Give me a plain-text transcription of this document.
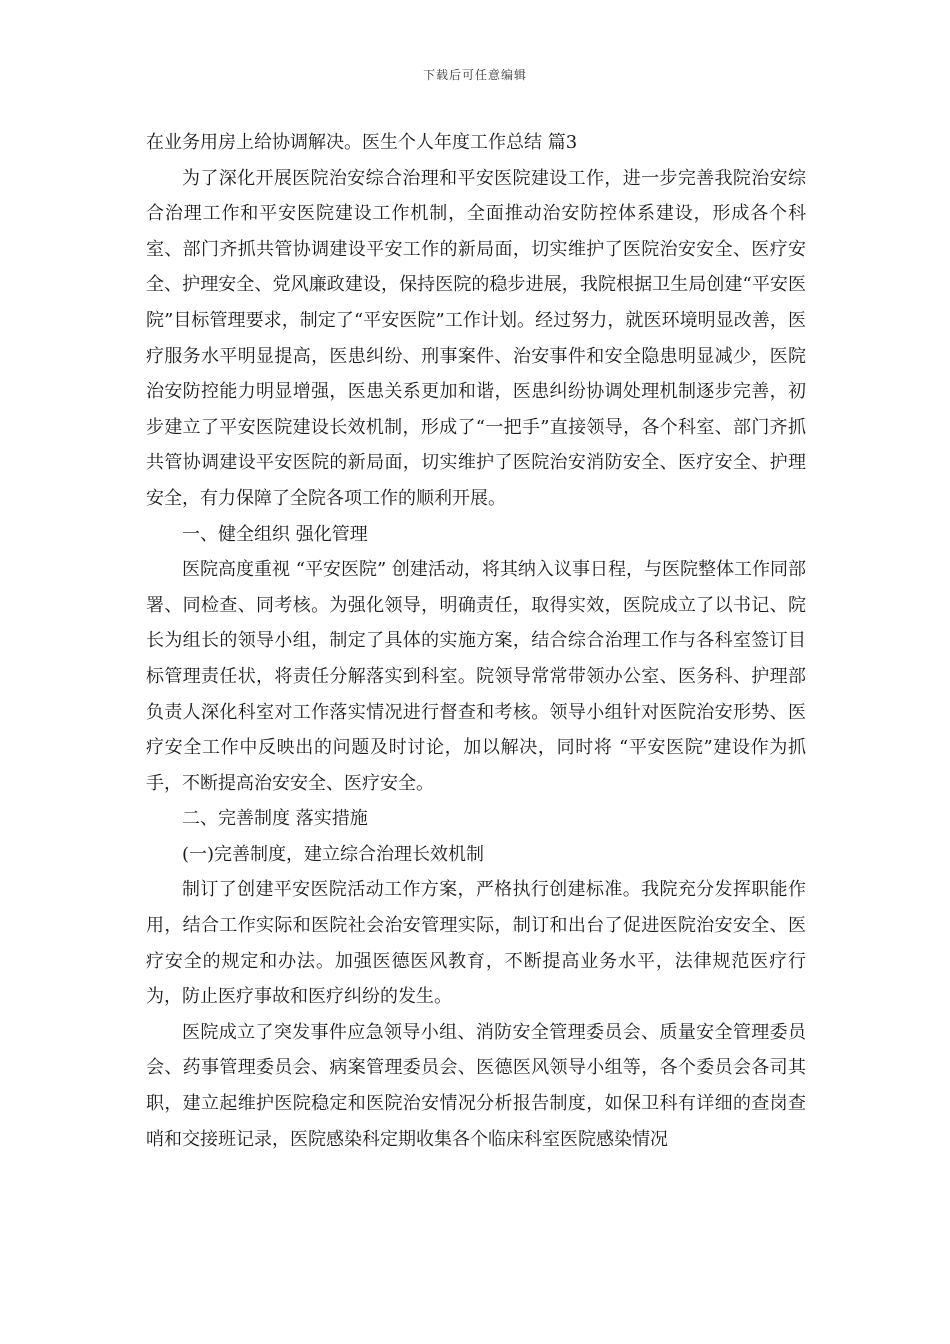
下载后可任意编辑

在业务用房上给协调解决。医生个人年度工作总结 篇3

为了深化开展医院治安综合治理和平安医院建设工作，进一步完善我院治安综合治理工作和平安医院建设工作机制，全面推动治安防控体系建设，形成各个科室、部门齐抓共管协调建设平安工作的新局面，切实维护了医院治安安全、医疗安全、护理安全、党风廉政建设，保持医院的稳步进展，我院根据卫生局创建“平安医院”目标管理要求，制定了“平安医院”工作计划。经过努力，就医环境明显改善，医疗服务水平明显提高，医患纠纷、刑事案件、治安事件和安全隐患明显减少，医院治安防控能力明显增强，医患关系更加和谐，医患纠纷协调处理机制逐步完善，初步建立了平安医院建设长效机制，形成了“一把手”直接领导，各个科室、部门齐抓共管协调建设平安医院的新局面，切实维护了医院治安消防安全、医疗安全、护理安全，有力保障了全院各项工作的顺利开展。

一、健全组织 强化管理

医院高度重视 “平安医院” 创建活动，将其纳入议事日程，与医院整体工作同部署、同检查、同考核。为强化领导，明确责任，取得实效，医院成立了以书记、院长为组长的领导小组，制定了具体的实施方案，结合综合治理工作与各科室签订目标管理责任状，将责任分解落实到科室。院领导常常带领办公室、医务科、护理部负责人深化科室对工作落实情况进行督查和考核。领导小组针对医院治安形势、医疗安全工作中反映出的问题及时讨论，加以解决，同时将 “平安医院”建设作为抓手，不断提高治安安全、医疗安全。

二、完善制度 落实措施

(一)完善制度，建立综合治理长效机制

制订了创建平安医院活动工作方案，严格执行创建标准。我院充分发挥职能作用，结合工作实际和医院社会治安管理实际，制订和出台了促进医院治安安全、医疗安全的规定和办法。加强医德医风教育，不断提高业务水平，法律规范医疗行为，防止医疗事故和医疗纠纷的发生。

医院成立了突发事件应急领导小组、消防安全管理委员会、质量安全管理委员会、药事管理委员会、病案管理委员会、医德医风领导小组等，各个委员会各司其职，建立起维护医院稳定和医院治安情况分析报告制度，如保卫科有详细的查岗查哨和交接班记录，医院感染科定期收集各个临床科室医院感染情况
